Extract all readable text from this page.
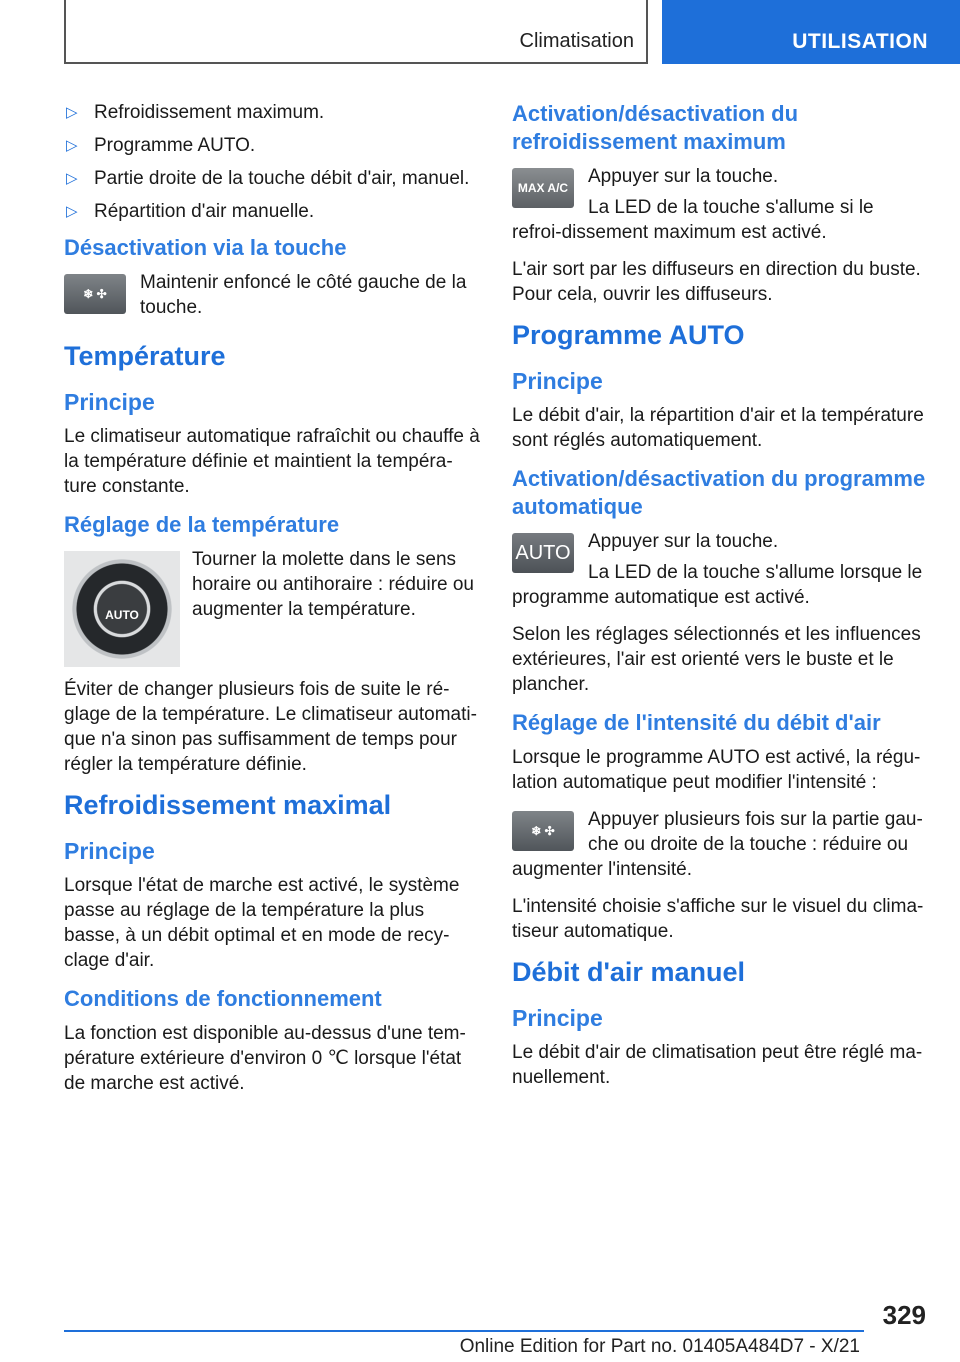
Climatisation	UTILISATION
▷ Refroidissement maximum.
▷ Programme AUTO.
▷ Partie droite de la touche débit d'air, manuel.
▷ Répartition d'air manuelle.
Désactivation via la touche
❄ ✣

Maintenir enfoncé le côté gauche de la touche.

Température
Principe

Le climatiseur automatique rafraîchit ou chauffe à la température définie et maintient la tempéra-ture constante.

Réglage de la température
AUTO

Tourner la molette dans le sens horaire ou antihoraire : réduire ou augmenter la température.

Éviter de changer plusieurs fois de suite le ré-glage de la température. Le climatiseur automati-que n'a sinon pas suffisamment de temps pour régler la température définie.

Refroidissement maximal
Principe

Lorsque l'état de marche est activé, le système passe au réglage de la température la plus basse, à un débit optimal et en mode de recy-clage d'air.

Conditions de fonctionnement

La fonction est disponible au-dessus d'une tem-pérature extérieure d'environ 0 ℃ lorsque l'état de marche est activé.

Activation/désactivation du refroidissement maximum
MAX A/C

Appuyer sur la touche.

La LED de la touche s'allume si le refroi-dissement maximum est activé.

L'air sort par les diffuseurs en direction du buste. Pour cela, ouvrir les diffuseurs.

Programme AUTO
Principe

Le débit d'air, la répartition d'air et la température sont réglés automatiquement.

Activation/désactivation du programme automatique
AUTO Appuyer sur la touche.

La LED de la touche s'allume lorsque le programme automatique est activé.

Selon les réglages sélectionnés et les influences extérieures, l'air est orienté vers le buste et le plancher.

Réglage de l'intensité du débit d'air

Lorsque le programme AUTO est activé, la régu-lation automatique peut modifier l'intensité :

❄ ✣

Appuyer plusieurs fois sur la partie gau-che ou droite de la touche : réduire ou augmenter l'intensité.

L'intensité choisie s'affiche sur le visuel du clima-tiseur automatique.

Débit d'air manuel
Principe

Le débit d'air de climatisation peut être réglé ma-nuellement.

329
Online Edition for Part no. 01405A484D7 - X/21
